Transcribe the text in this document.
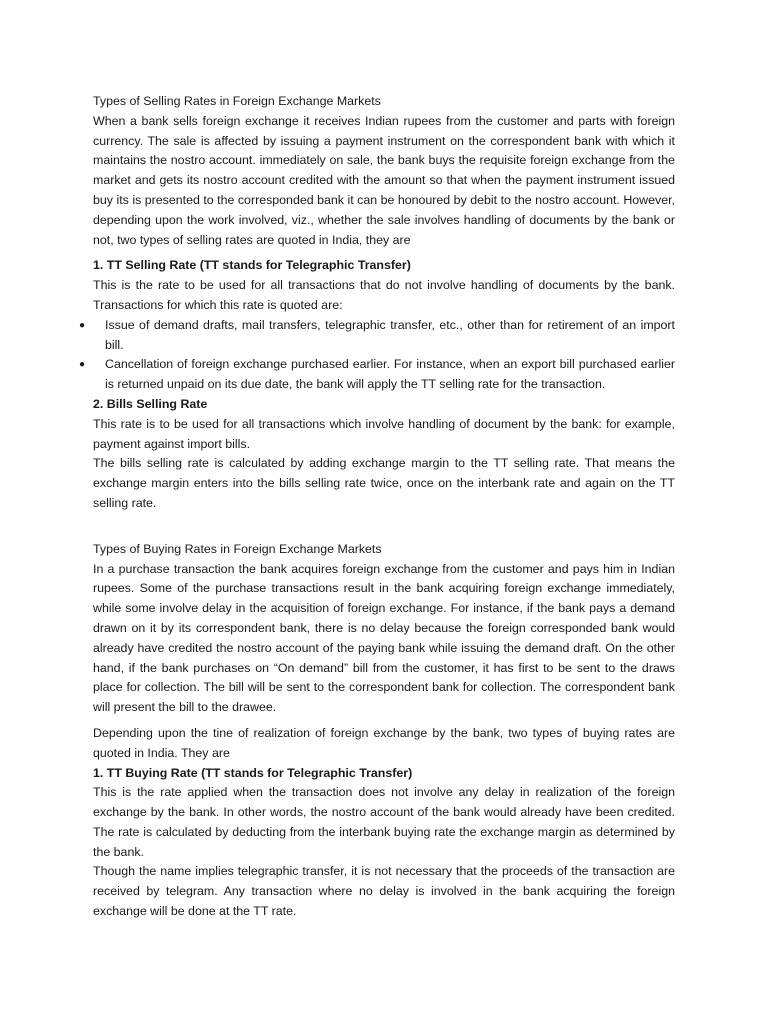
Types of Selling Rates in Foreign Exchange Markets

When a bank sells foreign exchange it receives Indian rupees from the customer and parts with foreign currency. The sale is affected by issuing a payment instrument on the correspondent bank with which it maintains the nostro account. immediately on sale, the bank buys the requisite foreign exchange from the market and gets its nostro account credited with the amount so that when the payment instrument issued buy its is presented to the corresponded bank it can be honoured by debit to the nostro account. However, depending upon the work involved, viz., whether the sale involves handling of documents by the bank or not, two types of selling rates are quoted in India, they are

1. TT Selling Rate (TT stands for Telegraphic Transfer)

This is the rate to be used for all transactions that do not involve handling of documents by the bank. Transactions for which this rate is quoted are:

● Issue of demand drafts, mail transfers, telegraphic transfer, etc., other than for retirement of an import bill.
● Cancellation of foreign exchange purchased earlier. For instance, when an export bill purchased earlier is returned unpaid on its due date, the bank will apply the TT selling rate for the transaction.

2. Bills Selling Rate

This rate is to be used for all transactions which involve handling of document by the bank: for example, payment against import bills.

The bills selling rate is calculated by adding exchange margin to the TT selling rate. That means the exchange margin enters into the bills selling rate twice, once on the interbank rate and again on the TT selling rate.

Types of Buying Rates in Foreign Exchange Markets

In a purchase transaction the bank acquires foreign exchange from the customer and pays him in Indian rupees. Some of the purchase transactions result in the bank acquiring foreign exchange immediately, while some involve delay in the acquisition of foreign exchange. For instance, if the bank pays a demand drawn on it by its correspondent bank, there is no delay because the foreign corresponded bank would already have credited the nostro account of the paying bank while issuing the demand draft. On the other hand, if the bank purchases on “On demand” bill from the customer, it has first to be sent to the draws place for collection. The bill will be sent to the correspondent bank for collection. The correspondent bank will present the bill to the drawee.

Depending upon the tine of realization of foreign exchange by the bank, two types of buying rates are quoted in India. They are

1. TT Buying Rate (TT stands for Telegraphic Transfer)

This is the rate applied when the transaction does not involve any delay in realization of the foreign exchange by the bank. In other words, the nostro account of the bank would already have been credited. The rate is calculated by deducting from the interbank buying rate the exchange margin as determined by the bank.

Though the name implies telegraphic transfer, it is not necessary that the proceeds of the transaction are received by telegram. Any transaction where no delay is involved in the bank acquiring the foreign exchange will be done at the TT rate.
